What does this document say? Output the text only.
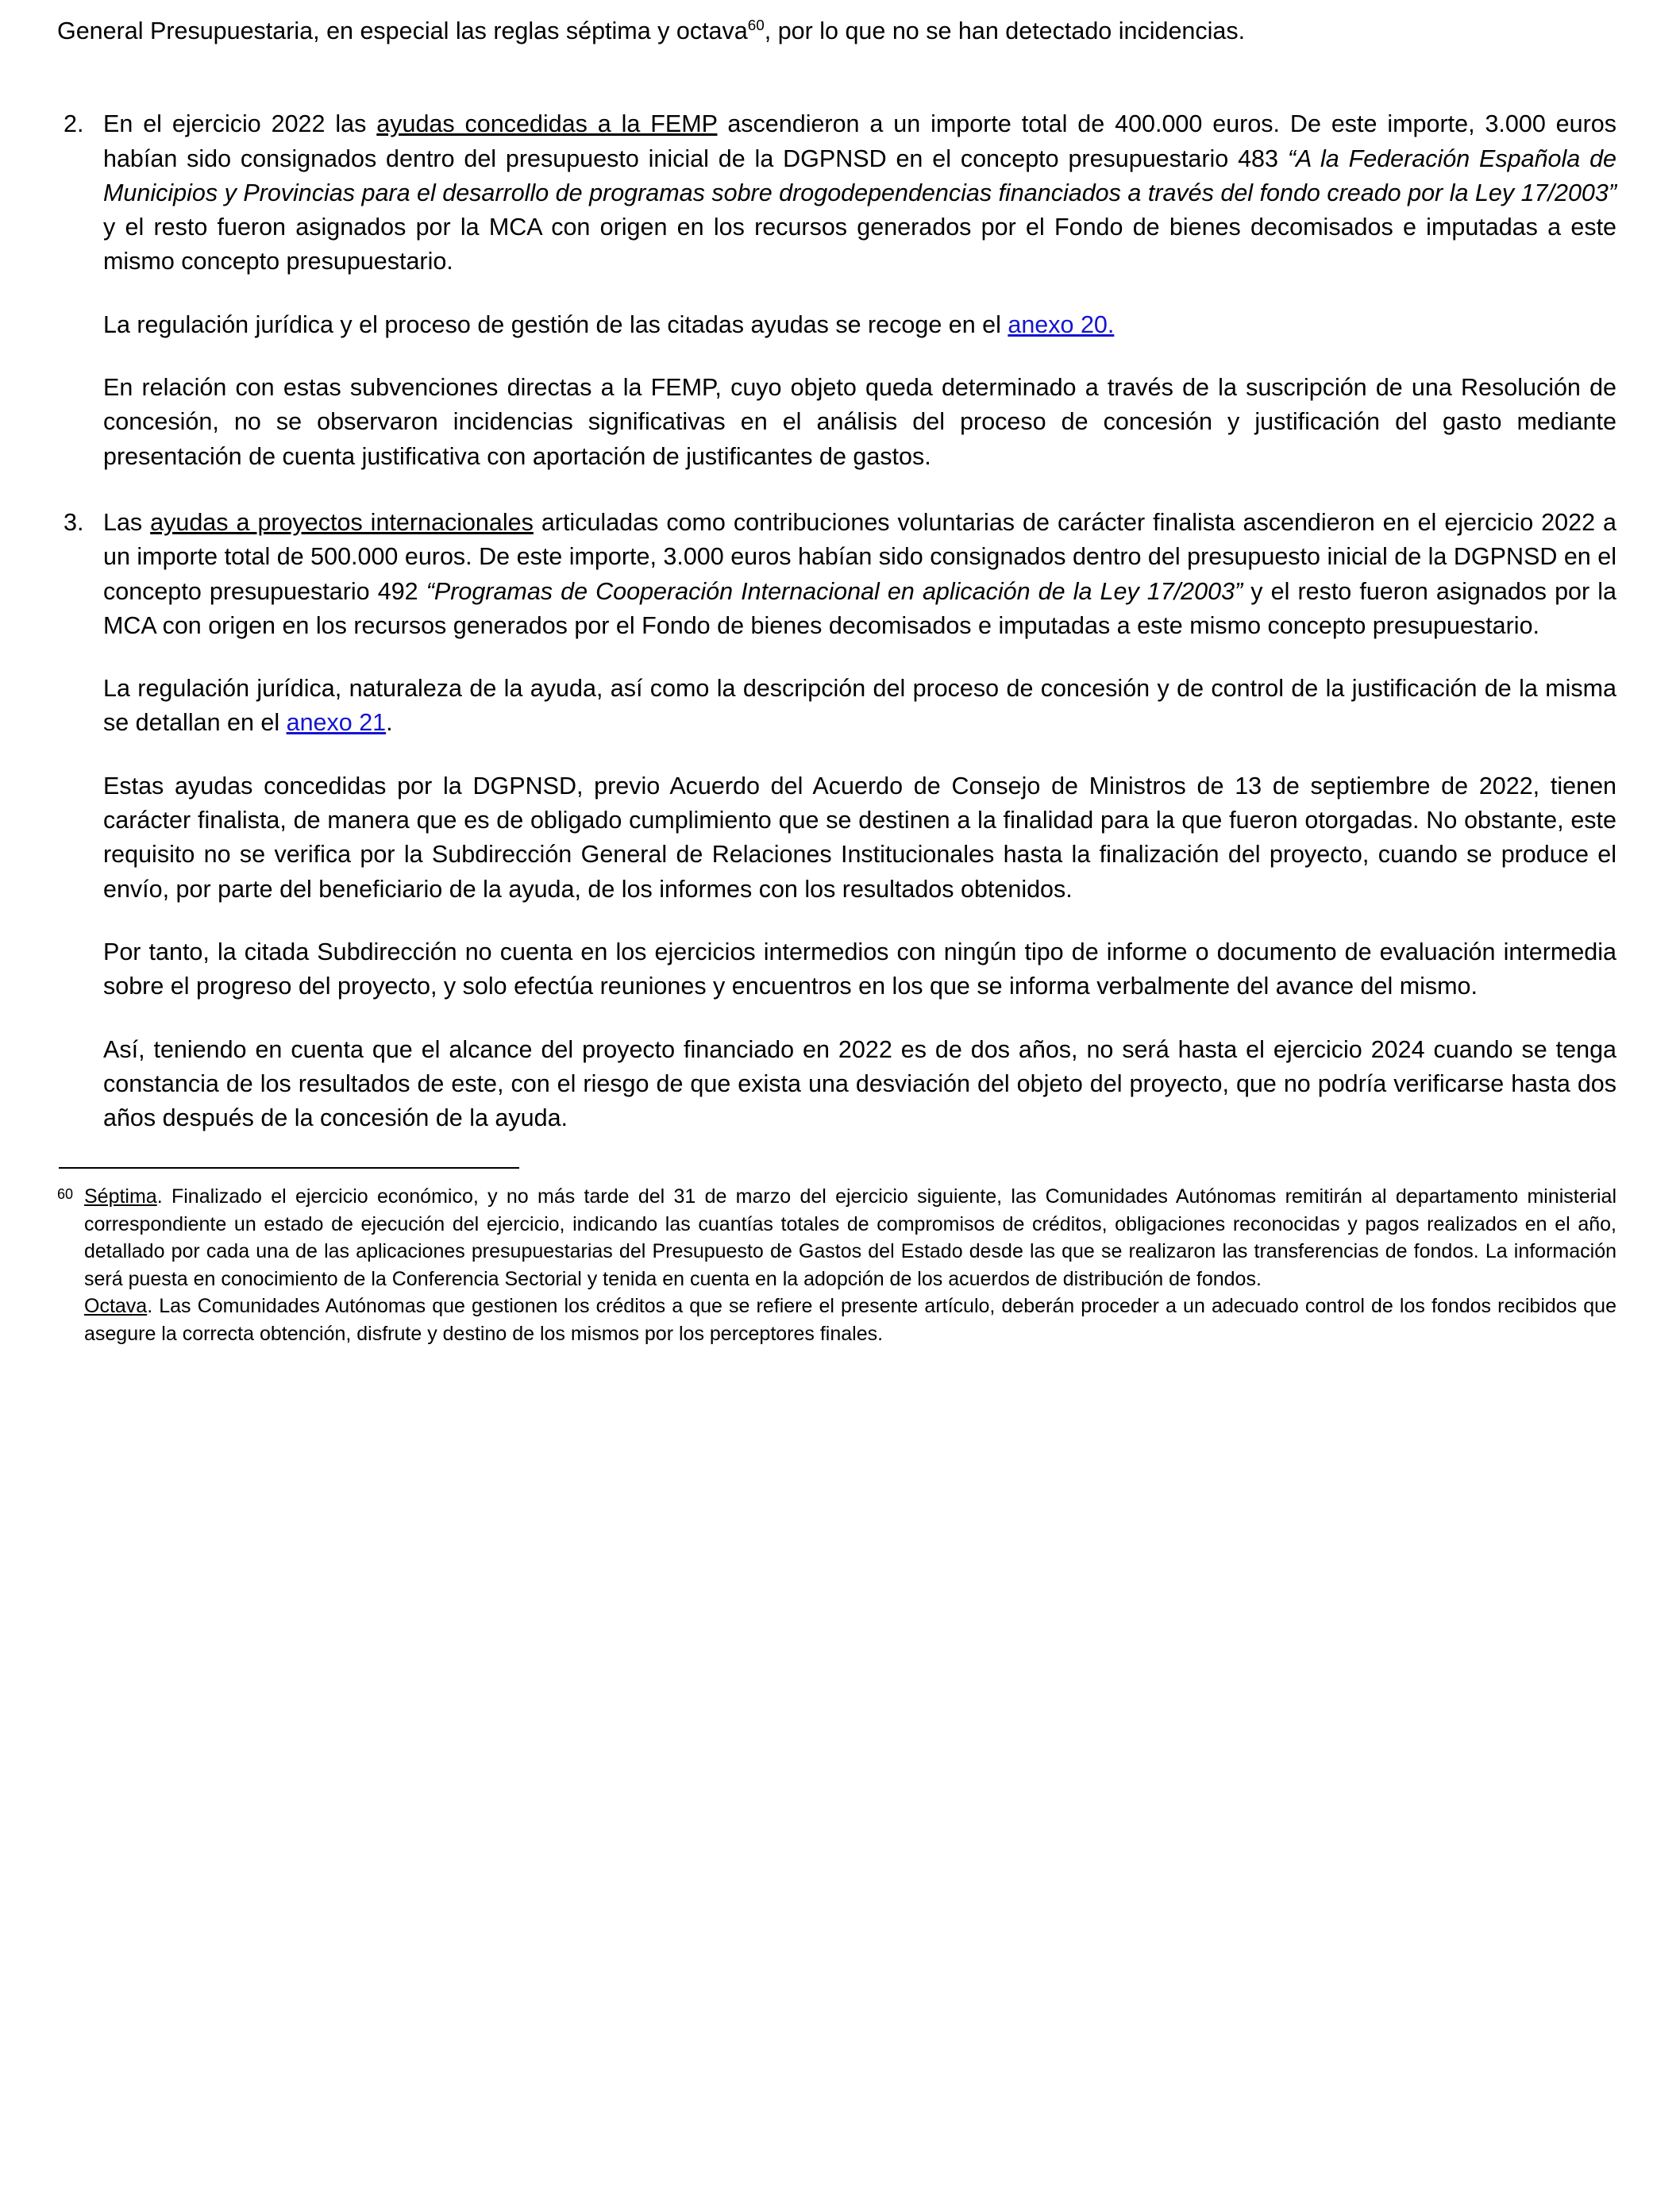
General Presupuestaria, en especial las reglas séptima y octava$^{60}$, por lo que no se han detectado incidencias.

2. En el ejercicio 2022 las ayudas concedidas a la FEMP ascendieron a un importe total de 400.000 euros. De este importe, 3.000 euros habían sido consignados dentro del presupuesto inicial de la DGPNSD en el concepto presupuestario 483 “A la Federación Española de Municipios y Provincias para el desarrollo de programas sobre drogodependencias financiados a través del fondo creado por la Ley 17/2003” y el resto fueron asignados por la MCA con origen en los recursos generados por el Fondo de bienes decomisados e imputadas a este mismo concepto presupuestario.

La regulación jurídica y el proceso de gestión de las citadas ayudas se recoge en el anexo 20.

En relación con estas subvenciones directas a la FEMP, cuyo objeto queda determinado a través de la suscripción de una Resolución de concesión, no se observaron incidencias significativas en el análisis del proceso de concesión y justificación del gasto mediante presentación de cuenta justificativa con aportación de justificantes de gastos.

3. Las ayudas a proyectos internacionales articuladas como contribuciones voluntarias de carácter finalista ascendieron en el ejercicio 2022 a un importe total de 500.000 euros. De este importe, 3.000 euros habían sido consignados dentro del presupuesto inicial de la DGPNSD en el concepto presupuestario 492 “Programas de Cooperación Internacional en aplicación de la Ley 17/2003” y el resto fueron asignados por la MCA con origen en los recursos generados por el Fondo de bienes decomisados e imputadas a este mismo concepto presupuestario.

La regulación jurídica, naturaleza de la ayuda, así como la descripción del proceso de concesión y de control de la justificación de la misma se detallan en el anexo 21.

Estas ayudas concedidas por la DGPNSD, previo Acuerdo del Acuerdo de Consejo de Ministros de 13 de septiembre de 2022, tienen carácter finalista, de manera que es de obligado cumplimiento que se destinen a la finalidad para la que fueron otorgadas. No obstante, este requisito no se verifica por la Subdirección General de Relaciones Institucionales hasta la finalización del proyecto, cuando se produce el envío, por parte del beneficiario de la ayuda, de los informes con los resultados obtenidos.

Por tanto, la citada Subdirección no cuenta en los ejercicios intermedios con ningún tipo de informe o documento de evaluación intermedia sobre el progreso del proyecto, y solo efectúa reuniones y encuentros en los que se informa verbalmente del avance del mismo.

Así, teniendo en cuenta que el alcance del proyecto financiado en 2022 es de dos años, no será hasta el ejercicio 2024 cuando se tenga constancia de los resultados de este, con el riesgo de que exista una desviación del objeto del proyecto, que no podría verificarse hasta dos años después de la concesión de la ayuda.

60 Séptima. Finalizado el ejercicio económico, y no más tarde del 31 de marzo del ejercicio siguiente, las Comunidades Autónomas remitirán al departamento ministerial correspondiente un estado de ejecución del ejercicio, indicando las cuantías totales de compromisos de créditos, obligaciones reconocidas y pagos realizados en el año, detallado por cada una de las aplicaciones presupuestarias del Presupuesto de Gastos del Estado desde las que se realizaron las transferencias de fondos. La información será puesta en conocimiento de la Conferencia Sectorial y tenida en cuenta en la adopción de los acuerdos de distribución de fondos.
Octava. Las Comunidades Autónomas que gestionen los créditos a que se refiere el presente artículo, deberán proceder a un adecuado control de los fondos recibidos que asegure la correcta obtención, disfrute y destino de los mismos por los perceptores finales.
